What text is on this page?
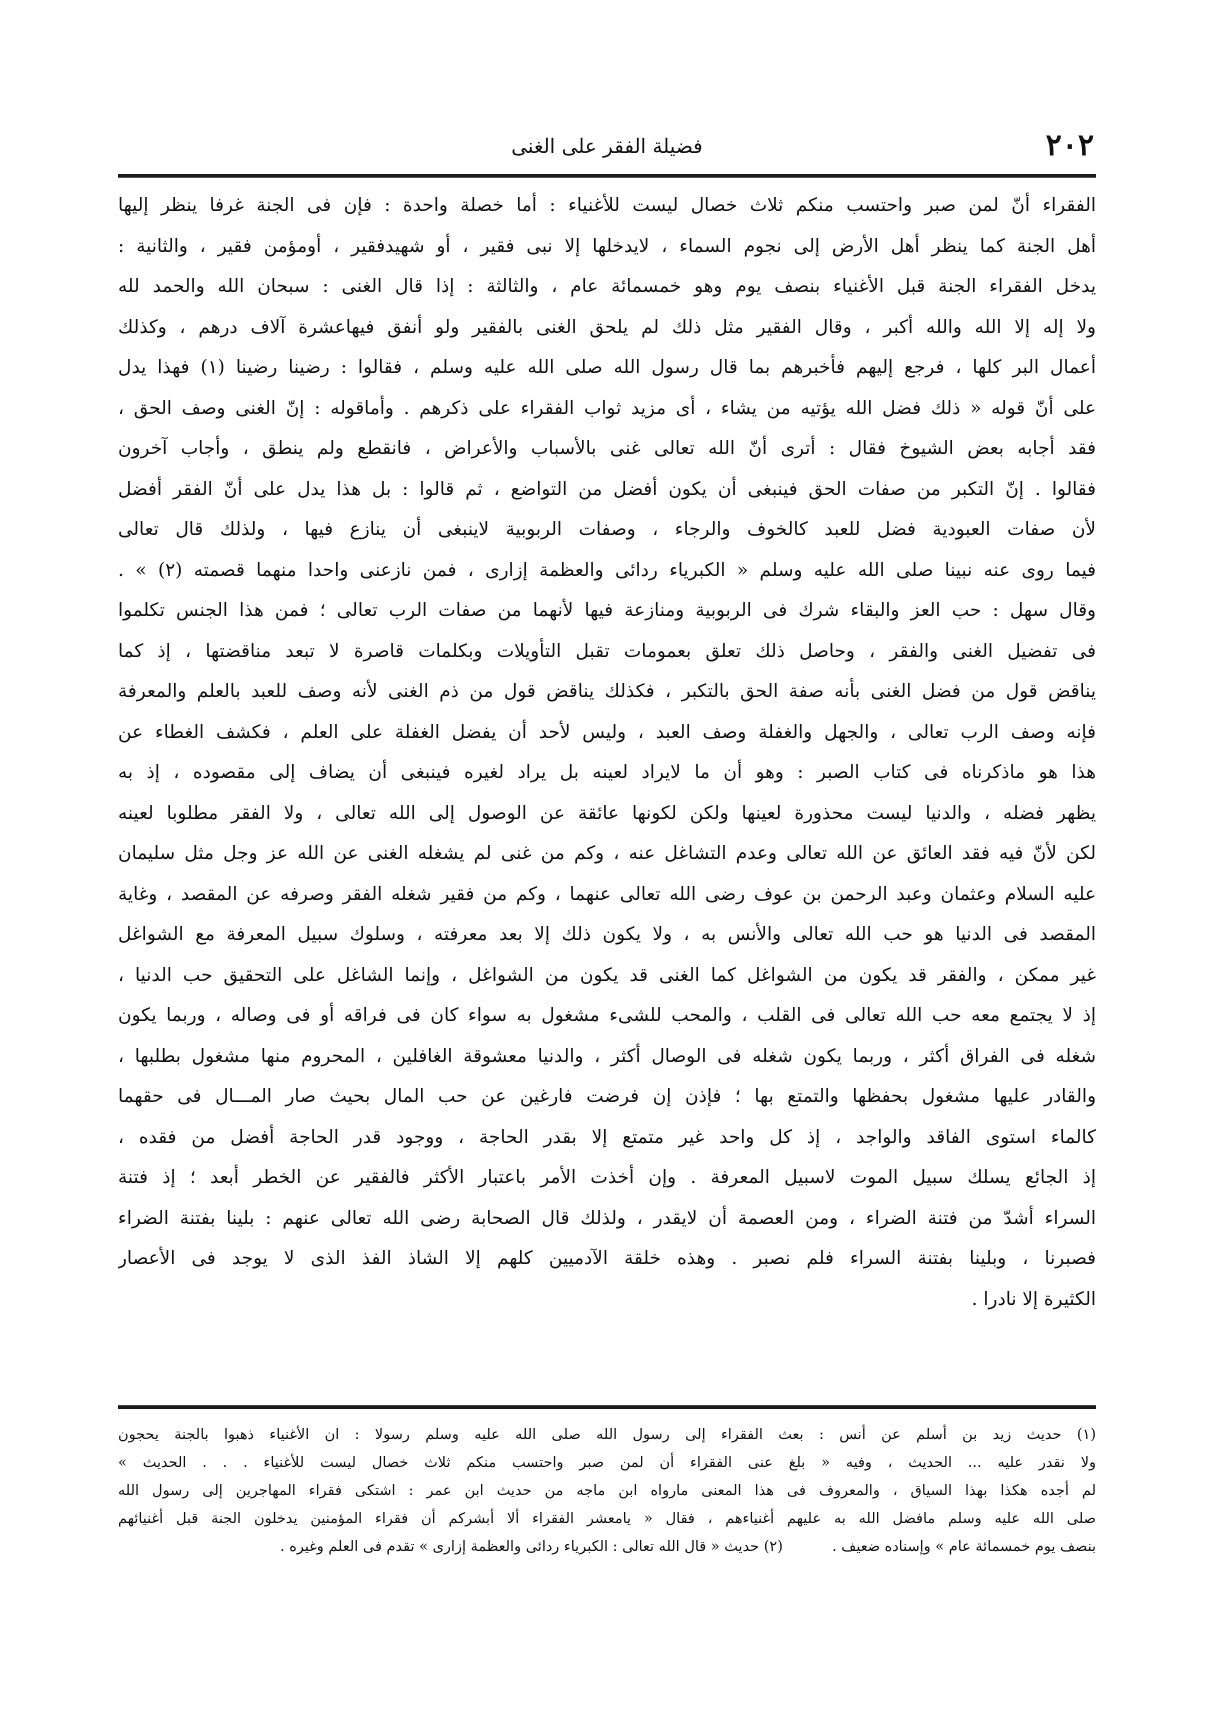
٢٠٢
فضيلة الفقر على الغنى
الفقراء أنّ لمن صبر واحتسب منكم ثلاث خصال ليست للأغنياء : أما خصلة واحدة : فإن فى الجنة غرفا ينظر إليها
أهل الجنة كما ينظر أهل الأرض إلى نجوم السماء ، لايدخلها إلا نبى فقير ، أو شهيدفقير ، أومؤمن فقير ، والثانية :
يدخل الفقراء الجنة قبل الأغنياء بنصف يوم وهو خمسمائة عام ، والثالثة : إذا قال الغنى : سبحان الله والحمد لله
ولا إله إلا الله والله أكبر ، وقال الفقير مثل ذلك لم يلحق الغنى بالفقير ولو أنفق فيهاعشرة آلاف درهم ، وكذلك
أعمال البر كلها ، فرجع إليهم فأخبرهم بما قال رسول الله صلى الله عليه وسلم ، فقالوا : رضينا رضينا (١) فهذا يدل
على أنّ قوله « ذلك فضل الله يؤتيه من يشاء ، أى مزيد ثواب الفقراء على ذكرهم . وأماقوله : إنّ الغنى وصف الحق ،
فقد أجابه بعض الشيوخ فقال : أترى أنّ الله تعالى غنى بالأسباب والأعراض ، فانقطع ولم ينطق ، وأجاب آخرون
فقالوا . إنّ التكبر من صفات الحق فينبغى أن يكون أفضل من التواضع ، ثم قالوا : بل هذا يدل على أنّ الفقر أفضل
لأن صفات العبودية فضل للعبد كالخوف والرجاء ، وصفات الربوبية لاينبغى أن ينازع فيها ، ولذلك قال تعالى
فيما روى عنه نبينا صلى الله عليه وسلم « الكبرياء ردائى والعظمة إزارى ، فمن نازعنى واحدا منهما قصمته (٢) » .
وقال سهل : حب العز والبقاء شرك فى الربوبية ومنازعة فيها لأنهما من صفات الرب تعالى ؛ فمن هذا الجنس تكلموا
فى تفضيل الغنى والفقر ، وحاصل ذلك تعلق بعمومات تقبل التأويلات وبكلمات قاصرة لا تبعد مناقضتها ، إذ كما
يناقض قول من فضل الغنى بأنه صفة الحق بالتكبر ، فكذلك يناقض قول من ذم الغنى لأنه وصف للعبد بالعلم والمعرفة
فإنه وصف الرب تعالى ، والجهل والغفلة وصف العبد ، وليس لأحد أن يفضل الغفلة على العلم ، فكشف الغطاء عن
هذا هو ماذكرناه فى كتاب الصبر : وهو أن ما لايراد لعينه بل يراد لغيره فينبغى أن يضاف إلى مقصوده ، إذ به
يظهر فضله ، والدنيا ليست محذورة لعينها ولكن لكونها عائقة عن الوصول إلى الله تعالى ، ولا الفقر مطلوبا لعينه
لكن لأنّ فيه فقد العائق عن الله تعالى وعدم التشاغل عنه ، وكم من غنى لم يشغله الغنى عن الله عز وجل مثل سليمان
عليه السلام وعثمان وعبد الرحمن بن عوف رضى الله تعالى عنهما ، وكم من فقير شغله الفقر وصرفه عن المقصد ، وغاية
المقصد فى الدنيا هو حب الله تعالى والأنس به ، ولا يكون ذلك إلا بعد معرفته ، وسلوك سبيل المعرفة مع الشواغل
غير ممكن ، والفقر قد يكون من الشواغل كما الغنى قد يكون من الشواغل ، وإنما الشاغل على التحقيق حب الدنيا ،
إذ لا يجتمع معه حب الله تعالى فى القلب ، والمحب للشىء مشغول به سواء كان فى فراقه أو فى وصاله ، وربما يكون
شغله فى الفراق أكثر ، وربما يكون شغله فى الوصال أكثر ، والدنيا معشوقة الغافلين ، المحروم منها مشغول بطلبها ،
والقادر عليها مشغول بحفظها والتمتع بها ؛ فإذن إن فرضت فارغين عن حب المال بحيث صار المـــال فى حقهما
كالماء استوى الفاقد والواجد ، إذ كل واحد غير متمتع إلا بقدر الحاجة ، ووجود قدر الحاجة أفضل من فقده ،
إذ الجائع يسلك سبيل الموت لاسبيل المعرفة . وإن أخذت الأمر باعتبار الأكثر فالفقير عن الخطر أبعد ؛ إذ فتنة
السراء أشدّ من فتنة الضراء ، ومن العصمة أن لايقدر ، ولذلك قال الصحابة رضى الله تعالى عنهم : بلينا بفتنة الضراء
فصبرنا ، وبلينا بفتنة السراء فلم نصبر . وهذه خلقة الآدميين كلهم إلا الشاذ الفذ الذى لا يوجد فى الأعصار
الكثيرة إلا نادرا .
(١) حديث زيد بن أسلم عن أنس : بعث الفقراء إلى رسول الله صلى الله عليه وسلم رسولا : ان الأغنياء ذهبوا بالجنة يحجون
ولا نقدر عليه ... الحديث ، وفيه « بلغ عنى الفقراء أن لمن صبر واحتسب منكم ثلاث خصال ليست للأغنياء . . . الحديث »
لم أجده هكذا بهذا السياق ، والمعروف فى هذا المعنى مارواه ابن ماجه من حديث ابن عمر : اشتكى فقراء المهاجرين إلى رسول الله
صلى الله عليه وسلم مافضل الله به عليهم أغنياءهم ، فقال « يامعشر الفقراء ألا أبشركم أن فقراء المؤمنين يدخلون الجنة قبل أغنيائهم
بنصف يوم خمسمائة عام » وإسناده ضعيف .  (٢) حديث « قال الله تعالى : الكبرياء ردائى والعظمة إزارى » تقدم فى العلم وغيره .
